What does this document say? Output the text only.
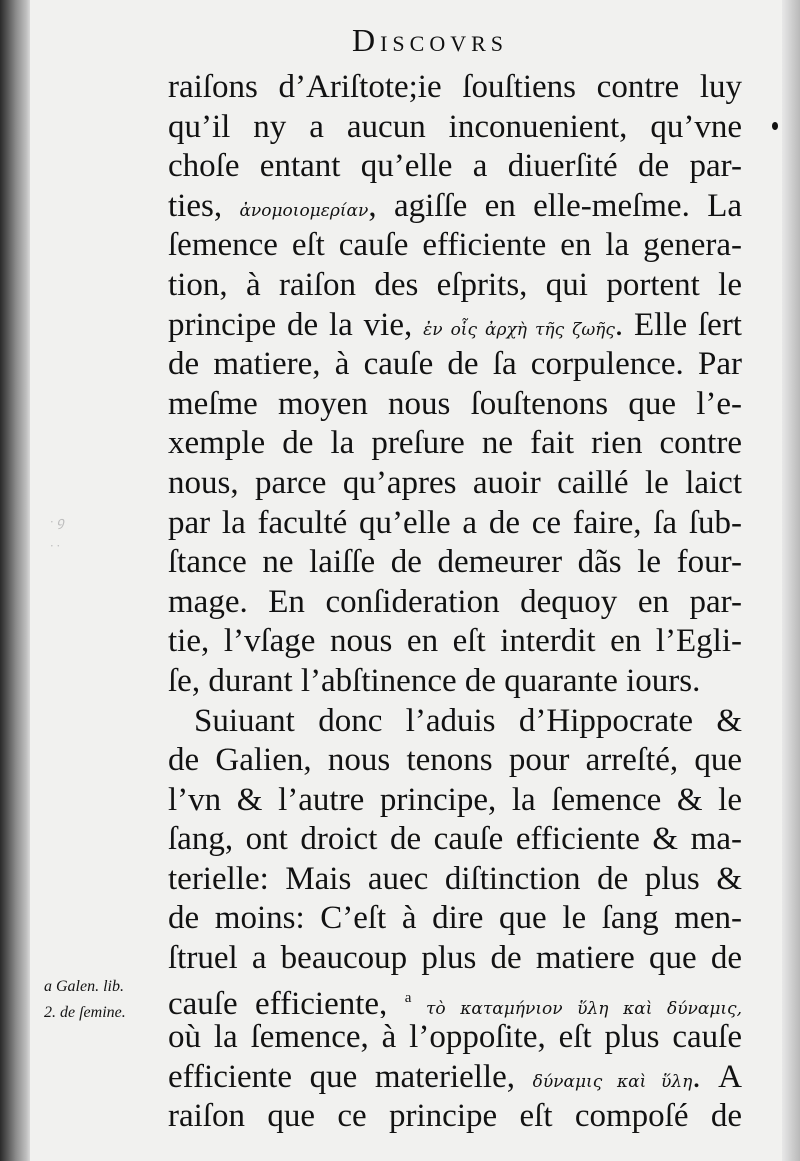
· ꝯ
· ·
Discovrs
raiſons d’Ariſtote;ie ſouſtiens contre luy
qu’il ny a aucun inconuenient, qu’vne
choſe entant qu’elle a diuerſité de par-
ties, ἀνομοιομερίαν, agiſſe en elle-meſme. La
ſemence eſt cauſe efficiente en la genera-
tion, à raiſon des eſprits, qui portent le
principe de la vie, ἐν οἷς ἀρχὴ τῆς ζωῆς. Elle ſert
de matiere, à cauſe de ſa corpulence. Par
meſme moyen nous ſouſtenons que l’e-
xemple de la preſure ne fait rien contre
nous, parce qu’apres auoir caillé le laict
par la faculté qu’elle a de ce faire, ſa ſub-
ſtance ne laiſſe de demeurer dãs le four-
mage. En conſideration dequoy en par-
tie, l’vſage nous en eſt interdit en l’Egli-
ſe, durant l’abſtinence de quarante iours.
Suiuant donc l’aduis d’Hippocrate &
de Galien, nous tenons pour arreſté, que
l’vn & l’autre principe, la ſemence & le
ſang, ont droict de cauſe efficiente & ma-
terielle: Mais auec diſtinction de plus &
de moins: C’eſt à dire que le ſang men-
ſtruel a beaucoup plus de matiere que de
cauſe efficiente, $^a$ τὸ καταμήνιον ὕλη καὶ δύναμις,
où la ſemence, à l’oppoſite, eſt plus cauſe
efficiente que materielle, δύναμις καὶ ὕλη. A
raiſon que ce principe eſt compoſé de
a Galen. lib.
2. de ſemine.
